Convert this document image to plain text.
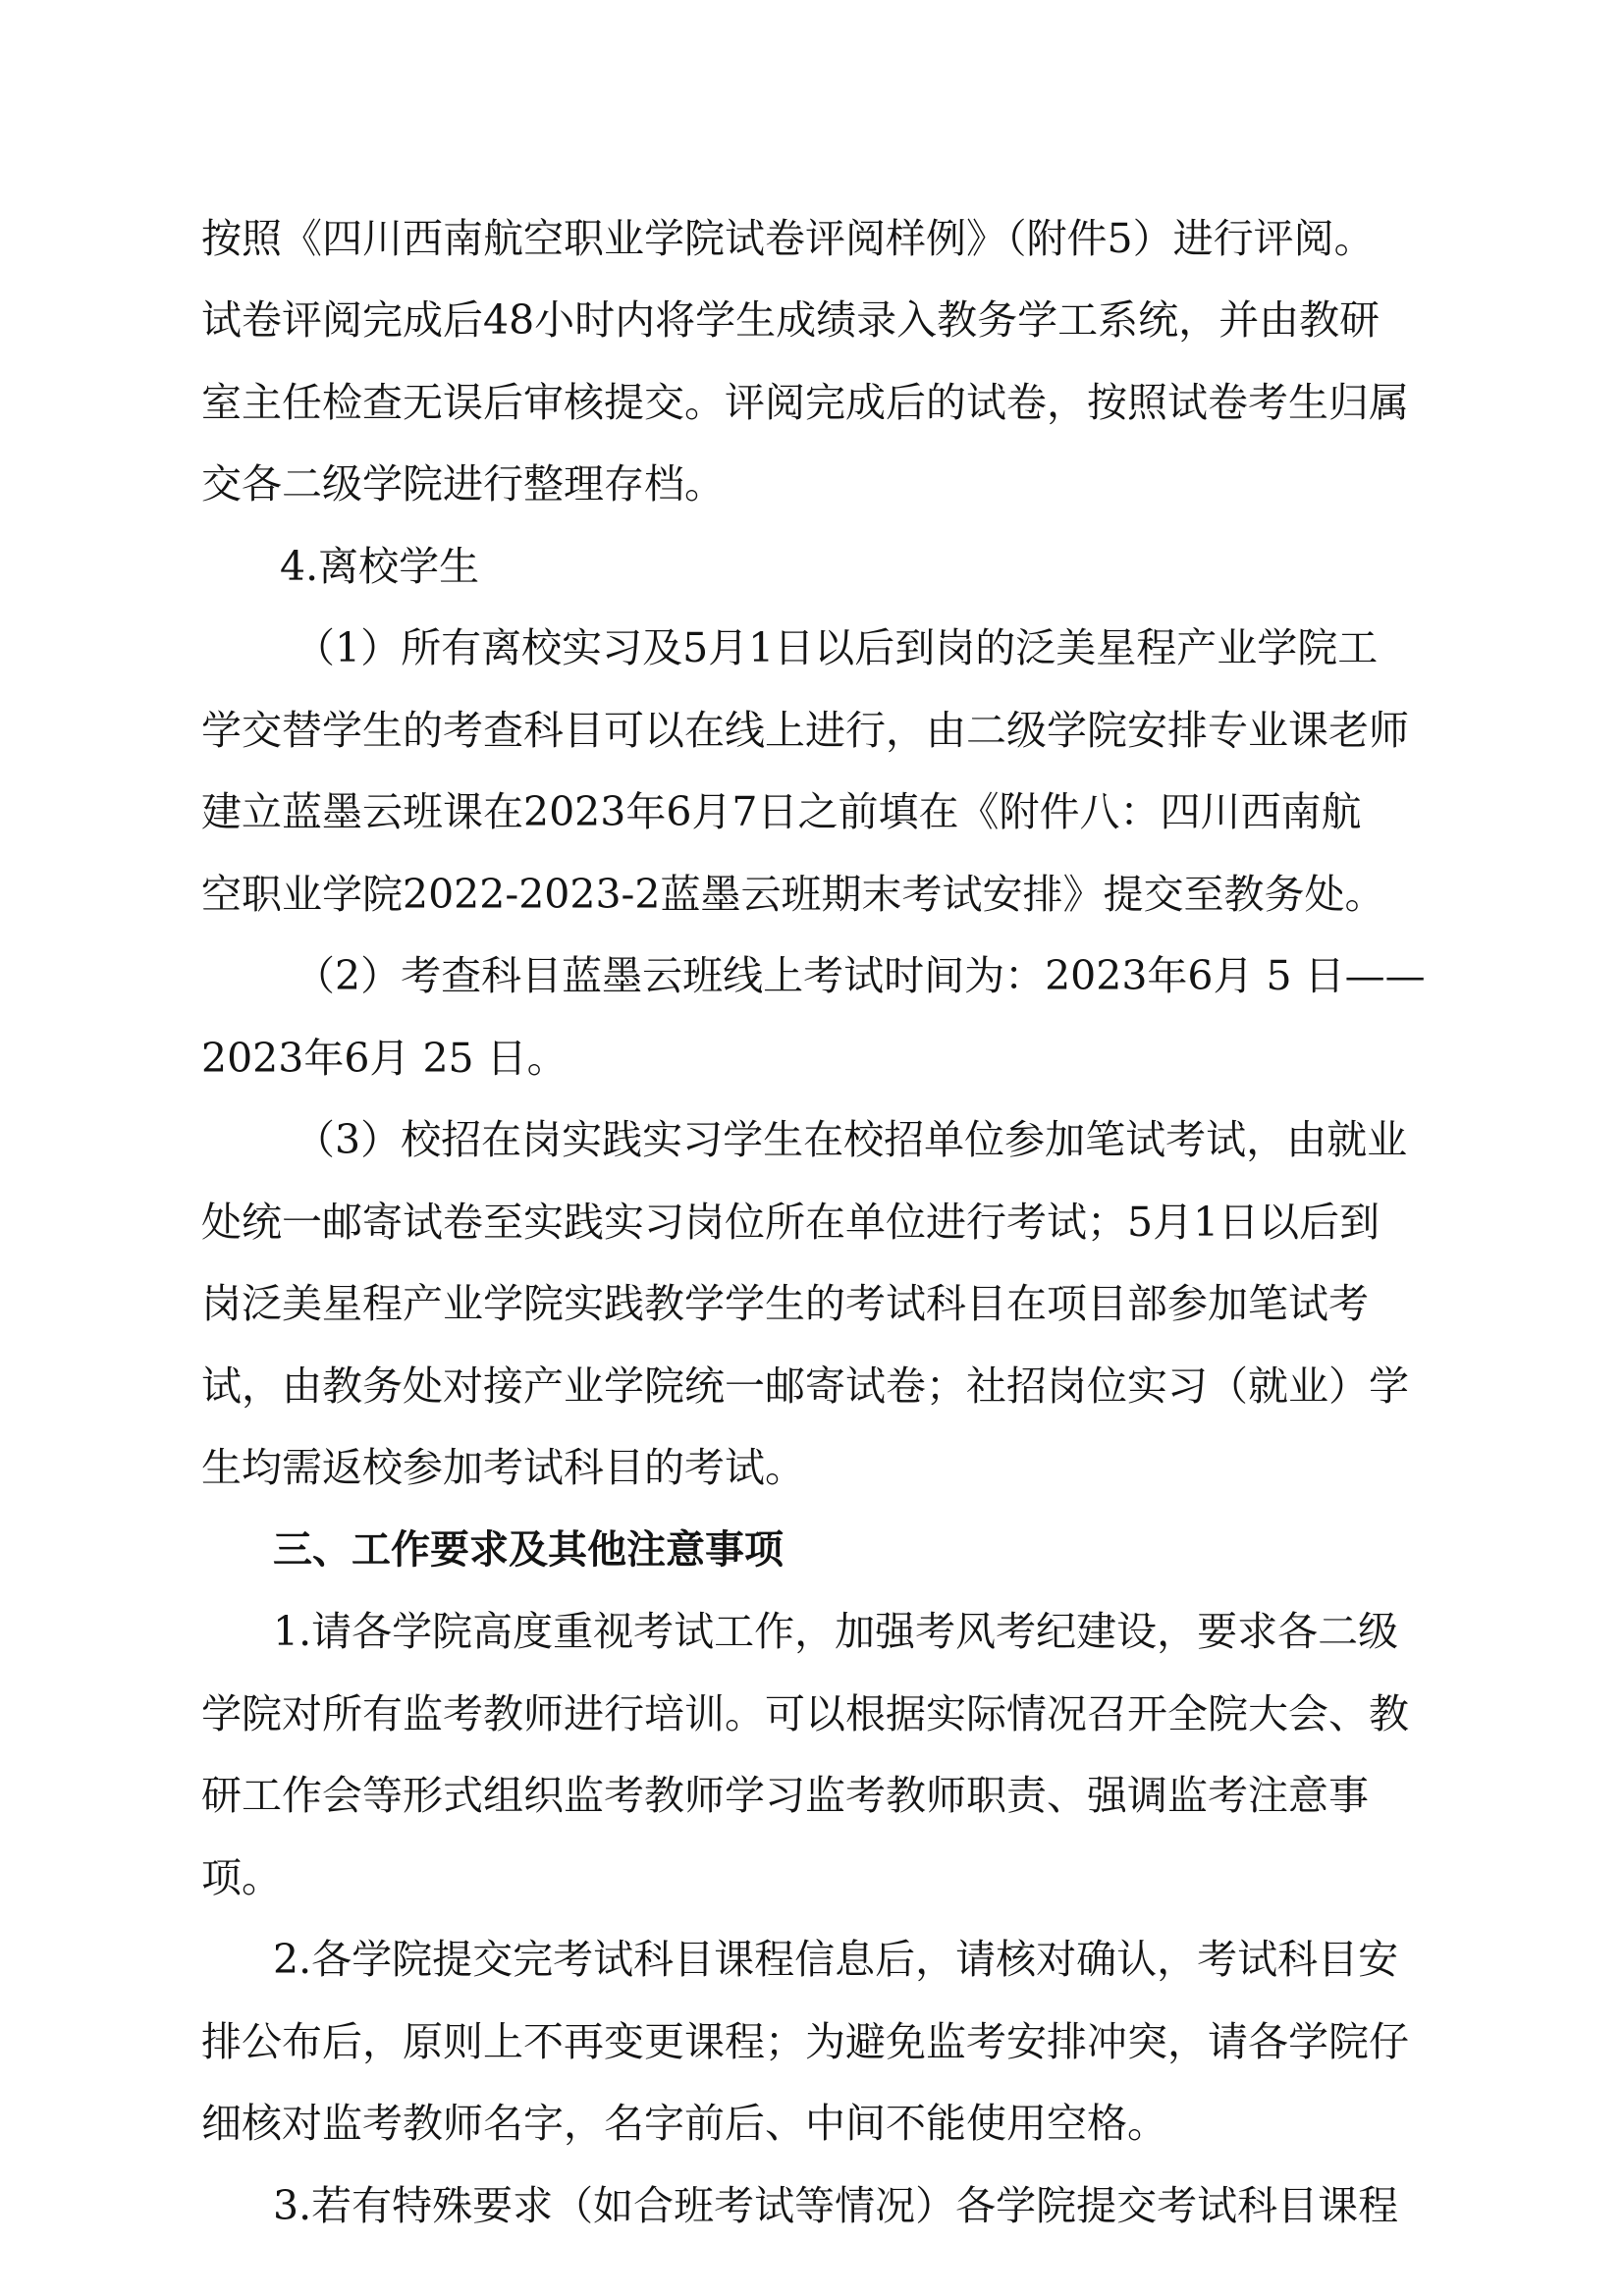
按照《四川西南航空职业学院试卷评阅样例》（附件5）进行评阅。
试卷评阅完成后48小时内将学生成绩录入教务学工系统，并由教研
室主任检查无误后审核提交。评阅完成后的试卷，按照试卷考生归属
交各二级学院进行整理存档。
4.离校学生
（1）所有离校实习及5月1日以后到岗的泛美星程产业学院工
学交替学生的考查科目可以在线上进行，由二级学院安排专业课老师
建立蓝墨云班课在2023年6月7日之前填在《附件八：四川西南航
空职业学院2022-2023-2蓝墨云班期末考试安排》提交至教务处。
（2）考查科目蓝墨云班线上考试时间为：2023年6月 5 日——
2023年6月 25 日。
（3）校招在岗实践实习学生在校招单位参加笔试考试，由就业
处统一邮寄试卷至实践实习岗位所在单位进行考试；5月1日以后到
岗泛美星程产业学院实践教学学生的考试科目在项目部参加笔试考
试，由教务处对接产业学院统一邮寄试卷；社招岗位实习（就业）学
生均需返校参加考试科目的考试。
三、工作要求及其他注意事项
1.请各学院高度重视考试工作，加强考风考纪建设，要求各二级
学院对所有监考教师进行培训。可以根据实际情况召开全院大会、教
研工作会等形式组织监考教师学习监考教师职责、强调监考注意事
项。
2.各学院提交完考试科目课程信息后，请核对确认，考试科目安
排公布后，原则上不再变更课程；为避免监考安排冲突，请各学院仔
细核对监考教师名字，名字前后、中间不能使用空格。
3.若有特殊要求（如合班考试等情况）各学院提交考试科目课程
